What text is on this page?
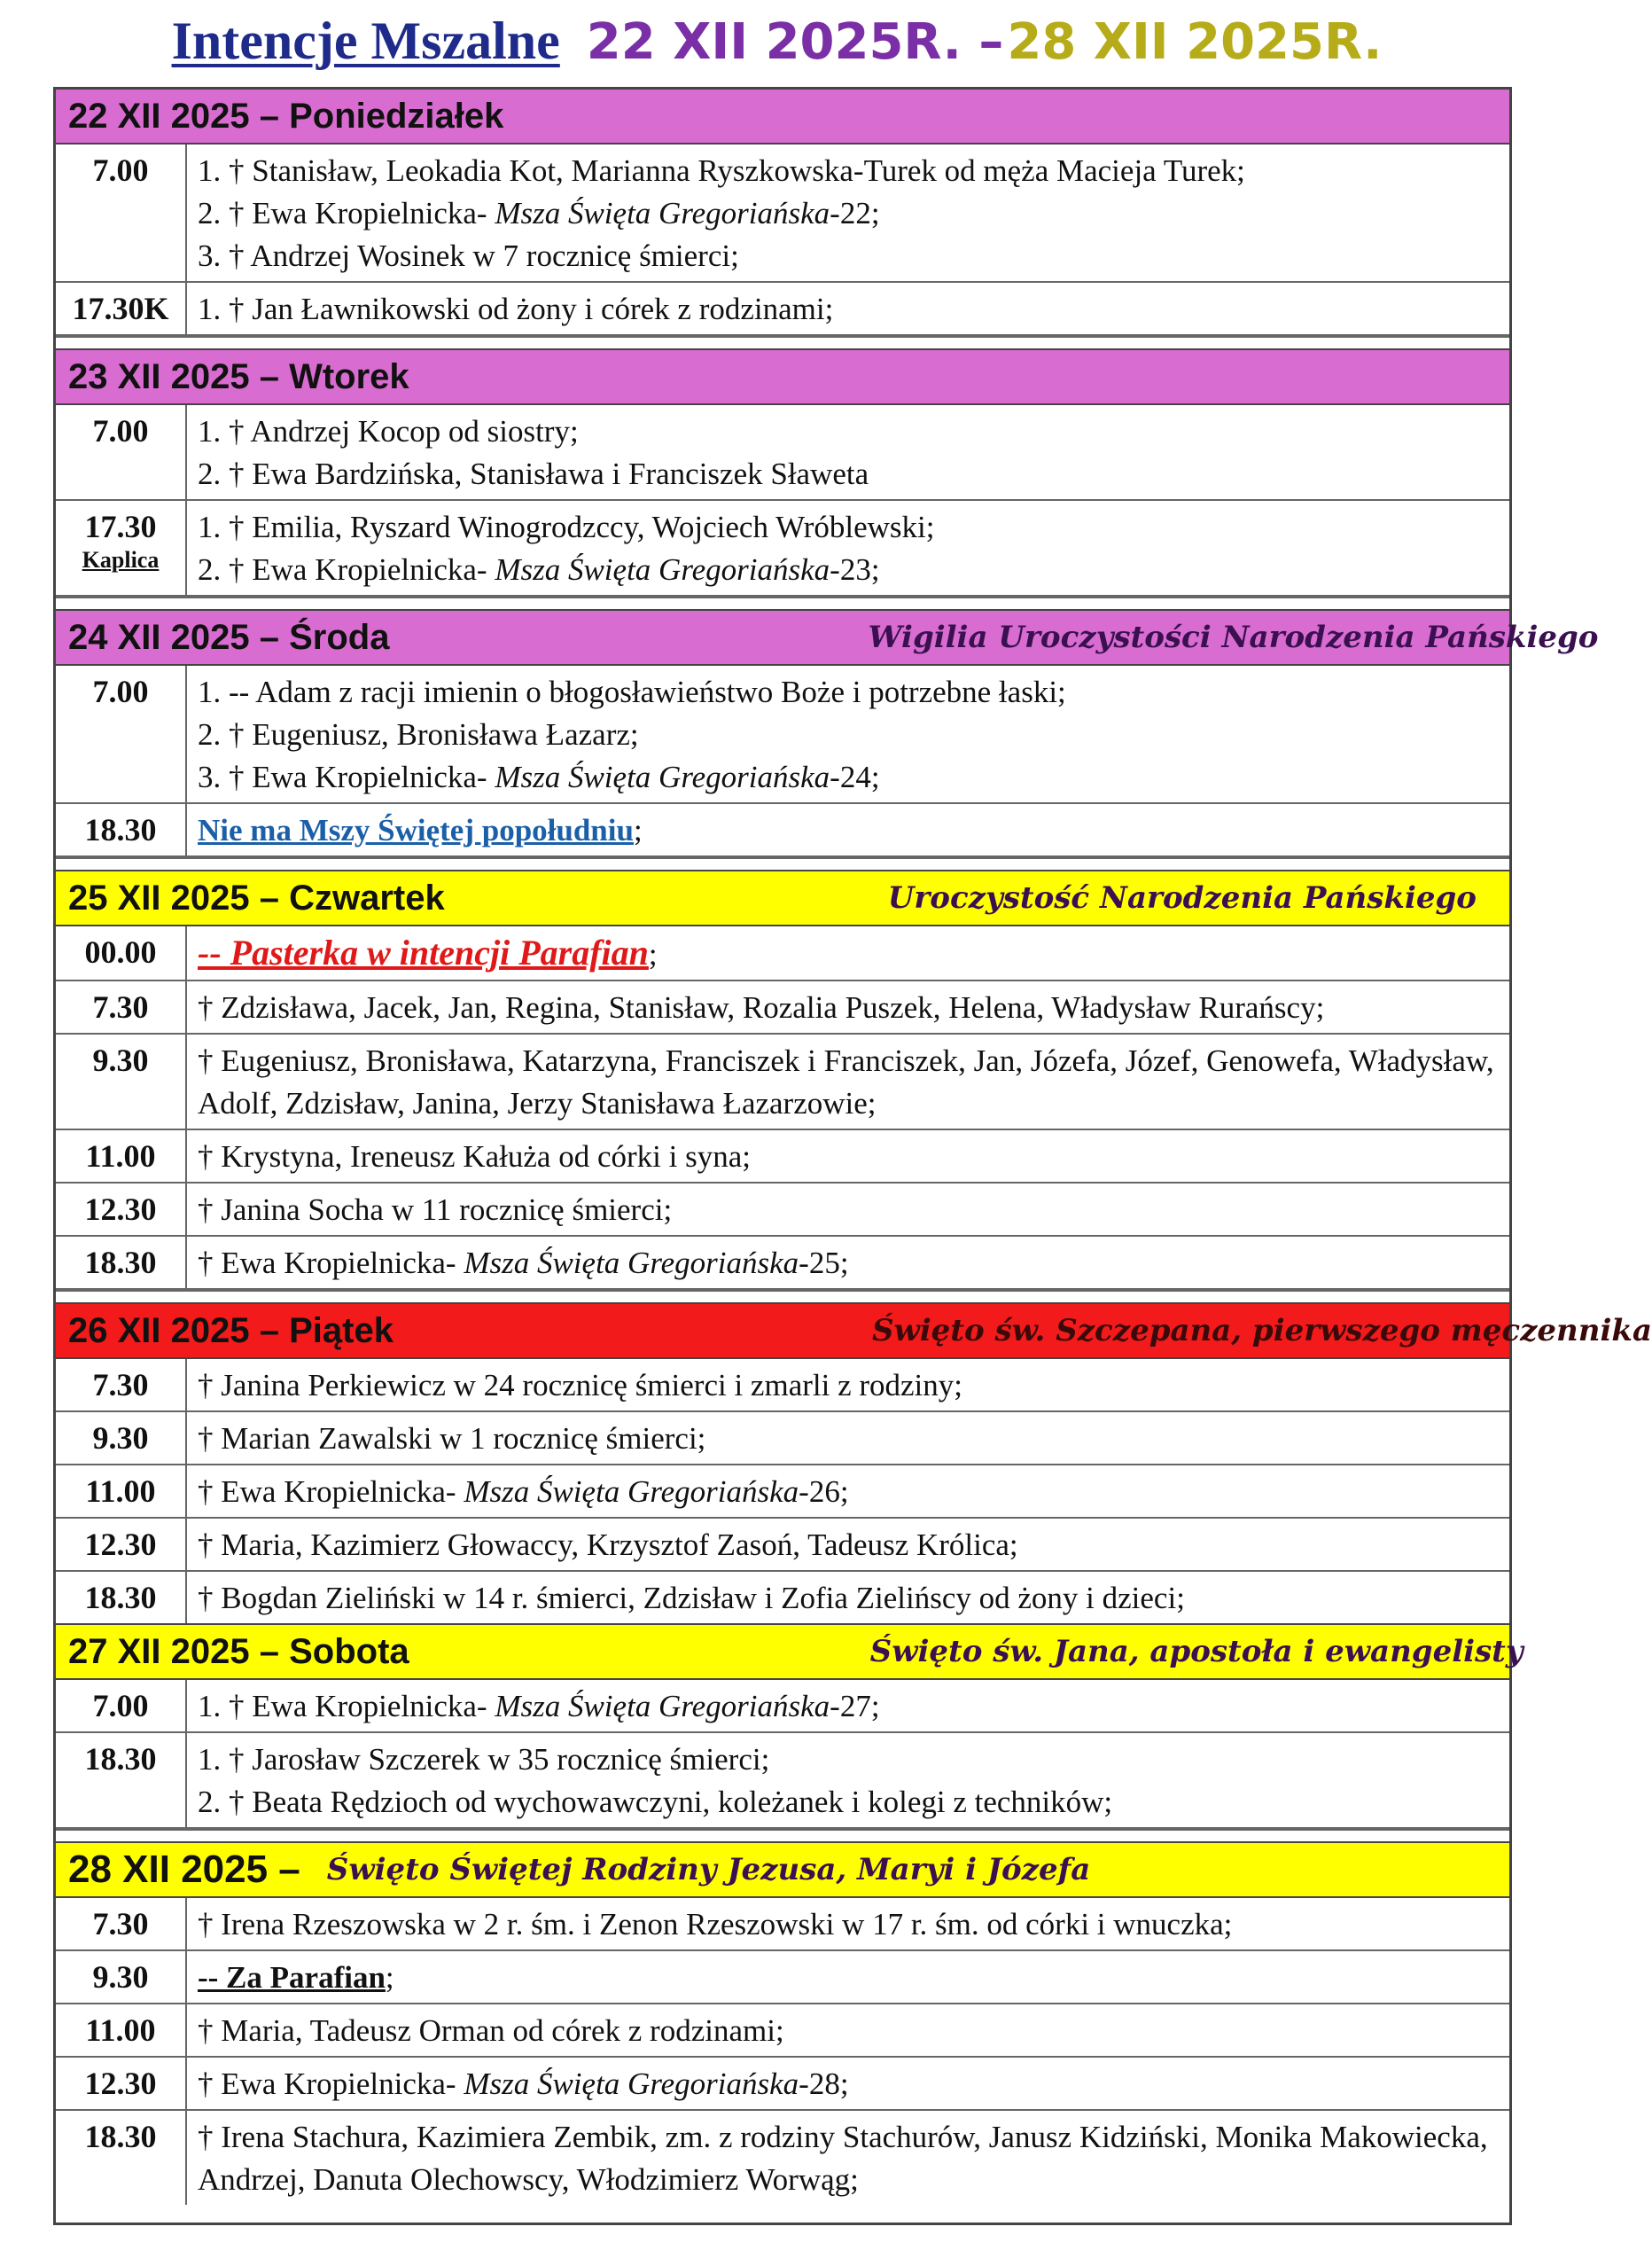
Intencje Mszalne 22 XII 2025R. – 28 XII 2025R.
22 XII 2025 – Poniedziałek
7.00	1. † Stanisław, Leokadia Kot, Marianna Ryszkowska-Turek od męża Macieja Turek;
2. † Ewa Kropielnicka- Msza Święta Gregoriańska-22;
3. † Andrzej Wosinek w 7 rocznicę śmierci;
17.30K 1. † Jan Ławnikowski od żony i córek z rodzinami;
23 XII 2025 – Wtorek
7.00	1. † Andrzej Kocop od siostry;
2. † Ewa Bardzińska, Stanisława i Franciszek Sławeta
17.30
Kaplica
1. † Emilia, Ryszard Winogrodzccy, Wojciech Wróblewski;
2. † Ewa Kropielnicka- Msza Święta Gregoriańska-23;
24 XII 2025 – Środa	Wigilia Uroczystości Narodzenia Pańskiego
7.00	1. -- Adam z racji imienin o błogosławieństwo Boże i potrzebne łaski;
2. † Eugeniusz, Bronisława Łazarz;
3. † Ewa Kropielnicka- Msza Święta Gregoriańska-24;
18.30	Nie ma Mszy Świętej popołudniu;
25 XII 2025 – Czwartek	Uroczystość Narodzenia Pańskiego
00.00	-- Pasterka w intencji Parafian;
7.30	† Zdzisława, Jacek, Jan, Regina, Stanisław, Rozalia Puszek, Helena, Władysław Rurańscy;
9.30	† Eugeniusz, Bronisława, Katarzyna, Franciszek i Franciszek, Jan, Józefa, Józef, Genowefa, Władysław, Adolf, Zdzisław, Janina, Jerzy Stanisława Łazarzowie;
11.00	† Krystyna, Ireneusz Kałuża od córki i syna;
12.30	† Janina Socha w 11 rocznicę śmierci;
18.30	† Ewa Kropielnicka- Msza Święta Gregoriańska-25;
26 XII 2025 – Piątek	Święto św. Szczepana, pierwszego męczennika
7.30	† Janina Perkiewicz w 24 rocznicę śmierci i zmarli z rodziny;
9.30	† Marian Zawalski w 1 rocznicę śmierci;
11.00	† Ewa Kropielnicka- Msza Święta Gregoriańska-26;
12.30	† Maria, Kazimierz Głowaccy, Krzysztof Zasoń, Tadeusz Królica;
18.30	† Bogdan Zieliński w 14 r. śmierci, Zdzisław i Zofia Zielińscy od żony i dzieci;
27 XII 2025 – Sobota	Święto św. Jana, apostoła i ewangelisty
7.00	1. † Ewa Kropielnicka- Msza Święta Gregoriańska-27;
18.30	1. † Jarosław Szczerek w 35 rocznicę śmierci;
2. † Beata Rędzioch od wychowawczyni, koleżanek i kolegi z techników;
28 XII 2025 – Święto Świętej Rodziny Jezusa, Maryi i Józefa
7.30	† Irena Rzeszowska w 2 r. śm. i Zenon Rzeszowski w 17 r. śm. od córki i wnuczka;
9.30	-- Za Parafian;
11.00	† Maria, Tadeusz Orman od córek z rodzinami;
12.30	† Ewa Kropielnicka- Msza Święta Gregoriańska-28;
18.30	† Irena Stachura, Kazimiera Zembik, zm. z rodziny Stachurów, Janusz Kidziński, Monika Makowiecka, Andrzej, Danuta Olechowscy, Włodzimierz Worwąg;
